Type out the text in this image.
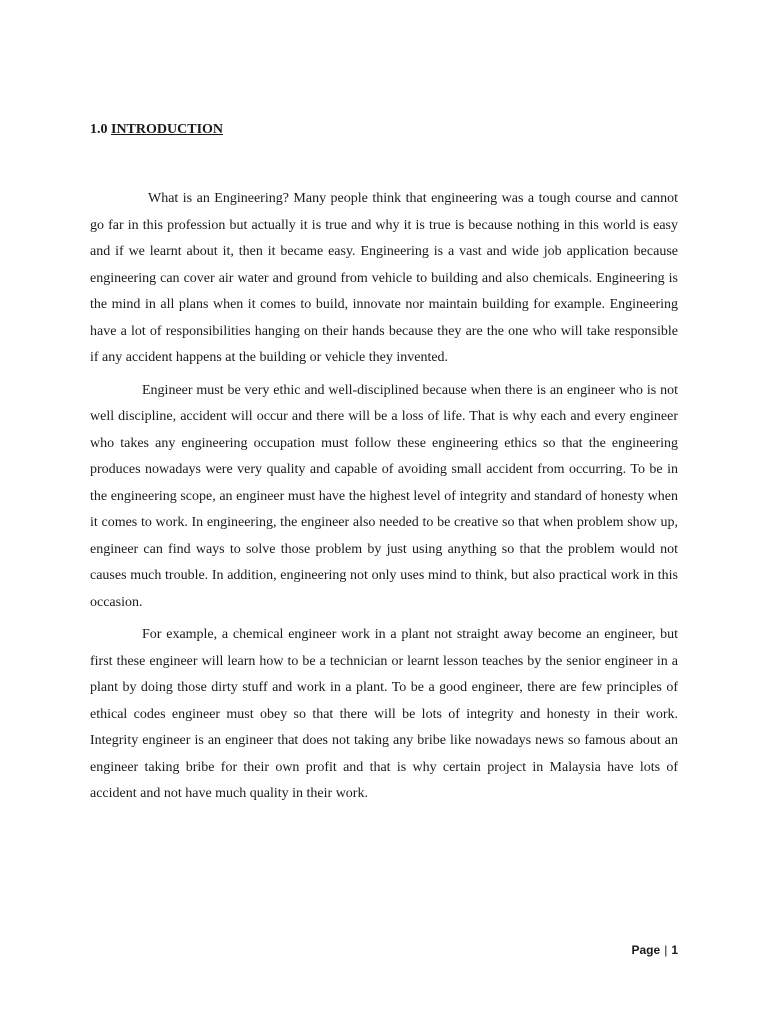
1.0 INTRODUCTION

What is an Engineering? Many people think that engineering was a tough course and cannot go far in this profession but actually it is true and why it is true is because nothing in this world is easy and if we learnt about it, then it became easy. Engineering is a vast and wide job application because engineering can cover air water and ground from vehicle to building and also chemicals. Engineering is the mind in all plans when it comes to build, innovate nor maintain building for example. Engineering have a lot of responsibilities hanging on their hands because they are the one who will take responsible if any accident happens at the building or vehicle they invented.

Engineer must be very ethic and well-disciplined because when there is an engineer who is not well discipline, accident will occur and there will be a loss of life. That is why each and every engineer who takes any engineering occupation must follow these engineering ethics so that the engineering produces nowadays were very quality and capable of avoiding small accident from occurring. To be in the engineering scope, an engineer must have the highest level of integrity and standard of honesty when it comes to work. In engineering, the engineer also needed to be creative so that when problem show up, engineer can find ways to solve those problem by just using anything so that the problem would not causes much trouble. In addition, engineering not only uses mind to think, but also practical work in this occasion.

For example, a chemical engineer work in a plant not straight away become an engineer, but first these engineer will learn how to be a technician or learnt lesson teaches by the senior engineer in a plant by doing those dirty stuff and work in a plant. To be a good engineer, there are few principles of ethical codes engineer must obey so that there will be lots of integrity and honesty in their work. Integrity engineer is an engineer that does not taking any bribe like nowadays news so famous about an engineer taking bribe for their own profit and that is why certain project in Malaysia have lots of accident and not have much quality in their work.

Page | 1
